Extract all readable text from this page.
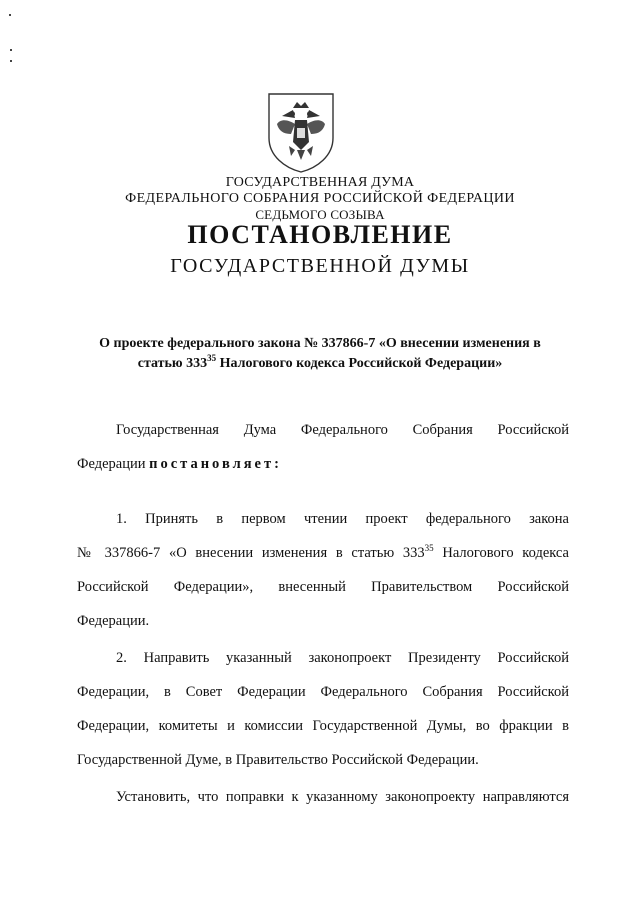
ГОСУДАРСТВЕННАЯ ДУМА
ФЕДЕРАЛЬНОГО СОБРАНИЯ РОССИЙСКОЙ ФЕДЕРАЦИИ
СЕДЬМОГО СОЗЫВА
ПОСТАНОВЛЕНИЕ
ГОСУДАРСТВЕННОЙ ДУМЫ
О проекте федерального закона № 337866-7 «О внесении изменения в
статью $333^{35}$ Налогового кодекса Российской Федерации»
Государственная Дума Федерального Собрания Российской
Федерации постановляет:
1. Принять в первом чтении проект федерального закона
№ 337866-7 «О внесении изменения в статью $333^{35}$ Налогового кодекса
Российской Федерации», внесенный Правительством Российской
Федерации.
2. Направить указанный законопроект Президенту Российской
Федерации, в Совет Федерации Федерального Собрания Российской
Федерации, комитеты и комиссии Государственной Думы, во фракции в
Государственной Думе, в Правительство Российской Федерации.
Установить, что поправки к указанному законопроекту направляются
